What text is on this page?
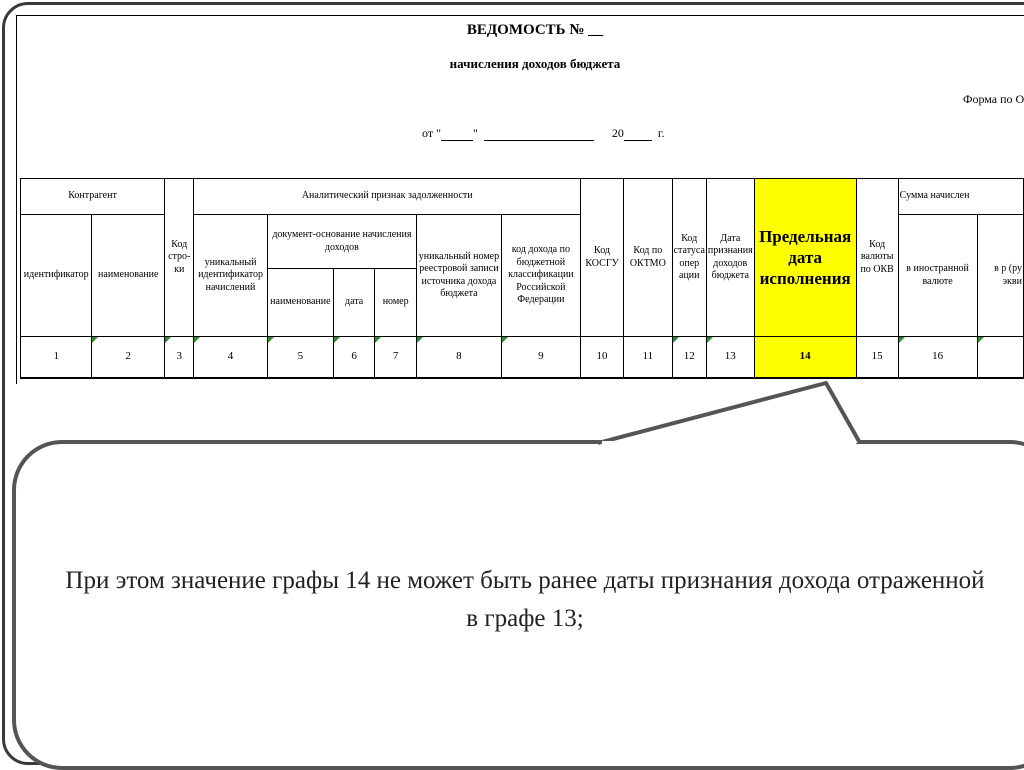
ВЕДОМОСТЬ № __
начисления доходов бюджета
Форма по О
от "	"	20	г.
Контрагент		Код стро-ки	Аналитический признак задолженности						Код КОСГУ	Код по ОКТМО	Код статуса опер ации	Дата признания доходов бюджета	Предельная дата исполнения	Код валюты по ОКВ	Сумма начислен	
идентификатор	наименование		уникальный идентификатор начислений	документ-основание начисления доходов			уникальный номер реестровой записи источника дохода бюджета	код дохода по бюджетной классификации Российской Федерации							в иностранной валюте	в р (ру экви
				наименование	дата	номер										
1	2	3	4	5	6	7	8	9	10	11	12	13	14	15	16	
При этом значение графы 14 не может быть ранее даты признания дохода отраженной в графе 13;
